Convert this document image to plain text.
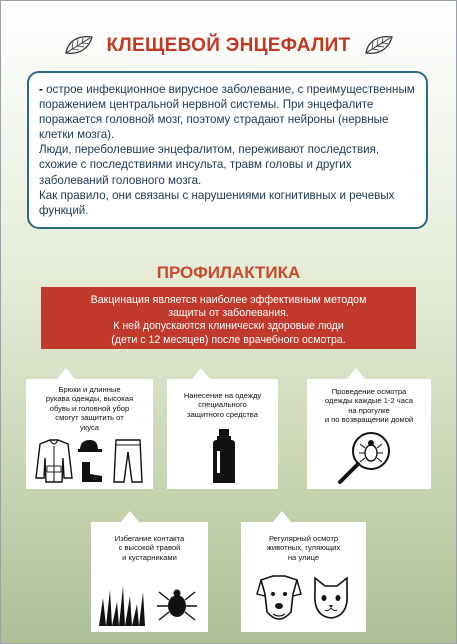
КЛЕЩЕВОЙ ЭНЦЕФАЛИТ

- острое инфекционное вирусное заболевание, с преимущественным поражением центральной нервной системы. При энцефалите поражается головной мозг, поэтому страдают нейроны (нервные клетки мозга).

Люди, переболевшие энцефалитом, переживают последствия, схожие с последствиями инсульта, травм головы и других заболеваний головного мозга.

Как правило, они связаны с нарушениями когнитивных и речевых функций.

ПРОФИЛАКТИКА

Вакцинация является наиболее эффективным методом

защиты от заболевания.

К ней допускаются клинически здоровые люди

(дети с 12 месяцев) после врачебного осмотра.

Брюки и длинные
рукава одежды, высокая
обувь и головной убор
смогут защитить от
укуса
Нанесение на одежду
специального
защитного средства
Проведение осмотра
одежды каждые 1-2 часа
на прогулке
и по возвращении домой
Избегание контакта
с высокой травой
и кустарниками
Регулярный осмотр
животных, гуляющих
на улице
